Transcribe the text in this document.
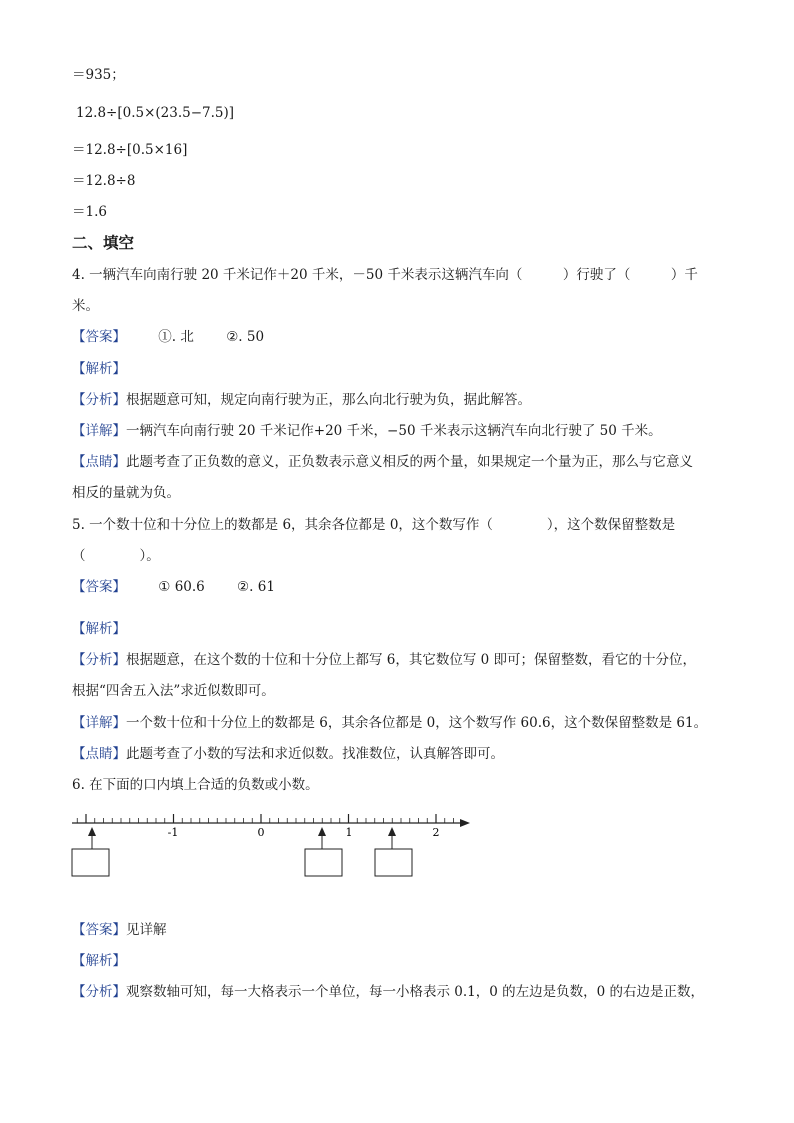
＝935；
12.8÷[0.5×(23.5−7.5)]
＝12.8÷[0.5×16]
＝12.8÷8
＝1.6
二、填空
4. 一辆汽车向南行驶 20 千米记作＋20 千米，－50 千米表示这辆汽车向（　　　）行驶了（　　　）千
米。
【答案】 ①. 北 ②. 50
【解析】
【分析】根据题意可知，规定向南行驶为正，那么向北行驶为负，据此解答。
【详解】一辆汽车向南行驶 20 千米记作+20 千米，−50 千米表示这辆汽车向北行驶了 50 千米。
【点睛】此题考查了正负数的意义，正负数表示意义相反的两个量，如果规定一个量为正，那么与它意义
相反的量就为负。
5. 一个数十位和十分位上的数都是 6，其余各位都是 0，这个数写作（　　　　），这个数保留整数是
（　　　　）。
【答案】 ① 60.6 ②. 61
【解析】
【分析】根据题意，在这个数的十位和十分位上都写 6，其它数位写 0 即可；保留整数，看它的十分位，
根据“四舍五入法”求近似数即可。
【详解】一个数十位和十分位上的数都是 6，其余各位都是 0，这个数写作 60.6，这个数保留整数是 61。
【点睛】此题考查了小数的写法和求近似数。找准数位，认真解答即可。
6. 在下面的口内填上合适的负数或小数。
-1	0	1	2
【答案】见详解
【解析】
【分析】观察数轴可知，每一大格表示一个单位，每一小格表示 0.1，0 的左边是负数，0 的右边是正数，
